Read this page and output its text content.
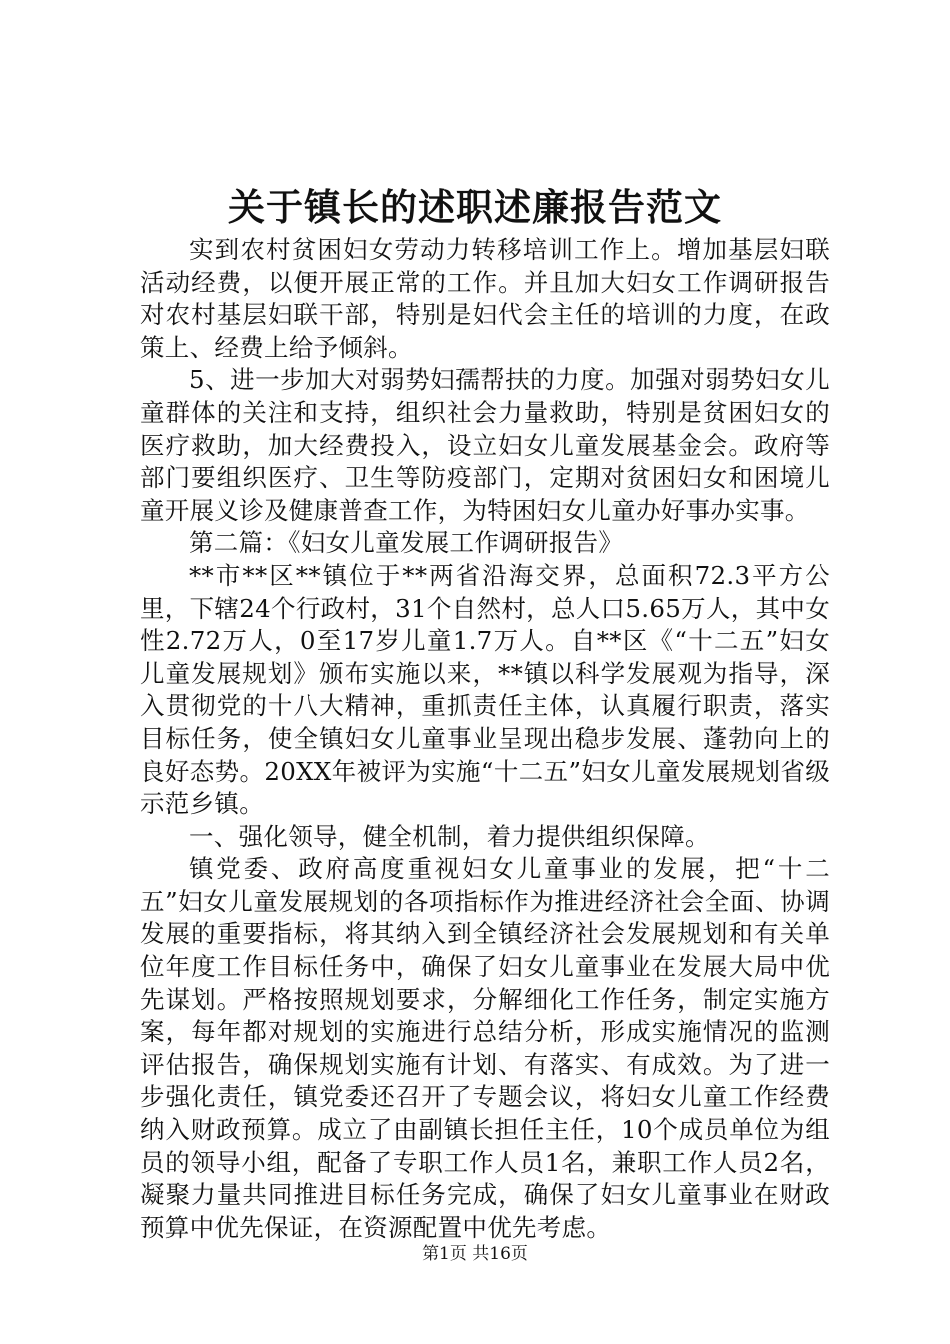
关于镇长的述职述廉报告范文

实到农村贫困妇女劳动力转移培训工作上。增加基层妇联活动经费，以便开展正常的工作。并且加大妇女工作调研报告对农村基层妇联干部，特别是妇代会主任的培训的力度，在政策上、经费上给予倾斜。

5、进一步加大对弱势妇孺帮扶的力度。加强对弱势妇女儿童群体的关注和支持，组织社会力量救助，特别是贫困妇女的医疗救助，加大经费投入，设立妇女儿童发展基金会。政府等部门要组织医疗、卫生等防疫部门，定期对贫困妇女和困境儿童开展义诊及健康普查工作，为特困妇女儿童办好事办实事。

第二篇：《妇女儿童发展工作调研报告》

**市**区**镇位于**两省沿海交界，总面积72.3平方公里，下辖24个行政村，31个自然村，总人口5.65万人，其中女性2.72万人，0至17岁儿童1.7万人。自**区《“十二五”妇女儿童发展规划》颁布实施以来，**镇以科学发展观为指导，深入贯彻党的十八大精神，重抓责任主体，认真履行职责，落实目标任务，使全镇妇女儿童事业呈现出稳步发展、蓬勃向上的良好态势。20XX年被评为实施“十二五”妇女儿童发展规划省级示范乡镇。

一、强化领导，健全机制，着力提供组织保障。

镇党委、政府高度重视妇女儿童事业的发展，把“十二五”妇女儿童发展规划的各项指标作为推进经济社会全面、协调发展的重要指标，将其纳入到全镇经济社会发展规划和有关单位年度工作目标任务中，确保了妇女儿童事业在发展大局中优先谋划。严格按照规划要求，分解细化工作任务，制定实施方案，每年都对规划的实施进行总结分析，形成实施情况的监测评估报告，确保规划实施有计划、有落实、有成效。为了进一步强化责任，镇党委还召开了专题会议，将妇女儿童工作经费纳入财政预算。成立了由副镇长担任主任，10个成员单位为组员的领导小组，配备了专职工作人员1名，兼职工作人员2名，凝聚力量共同推进目标任务完成，确保了妇女儿童事业在财政预算中优先保证，在资源配置中优先考虑。

第1页 共16页
